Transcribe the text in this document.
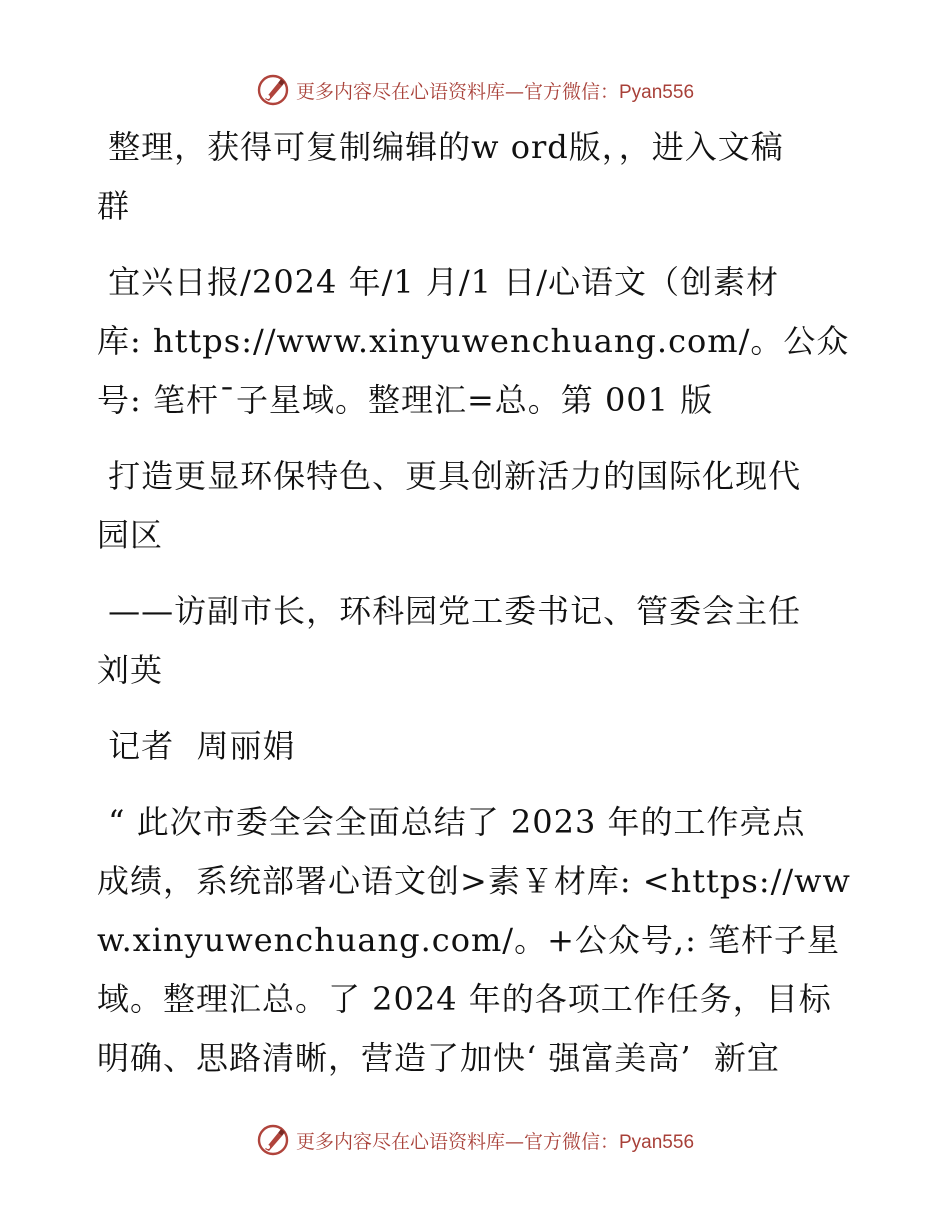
更多内容尽在心语资料库—官方微信：Pyan556
整理，获得可复制编辑的w ord版，，进入文稿
群
宜兴日报/2024 年/1 月/1 日/心语文（创素材
库: https://www.xinyuwenchuang.com/。公众
号: 笔杆¯子星域。整理汇=总。第 001 版
打造更显环保特色、更具创新活力的国际化现代
园区
——访副市长，环科园党工委书记、管委会主任
刘英
记者  周丽娟
“ 此次市委全会全面总结了 2023 年的工作亮点
成绩，系统部署心语文创>素￥材库: <https://ww
w.xinyuwenchuang.com/。+公众号,: 笔杆子星
域。整理汇总。了 2024 年的各项工作任务，目标
明确、思路清晰，营造了加快‘ 强富美高’  新宜
更多内容尽在心语资料库—官方微信：Pyan556
